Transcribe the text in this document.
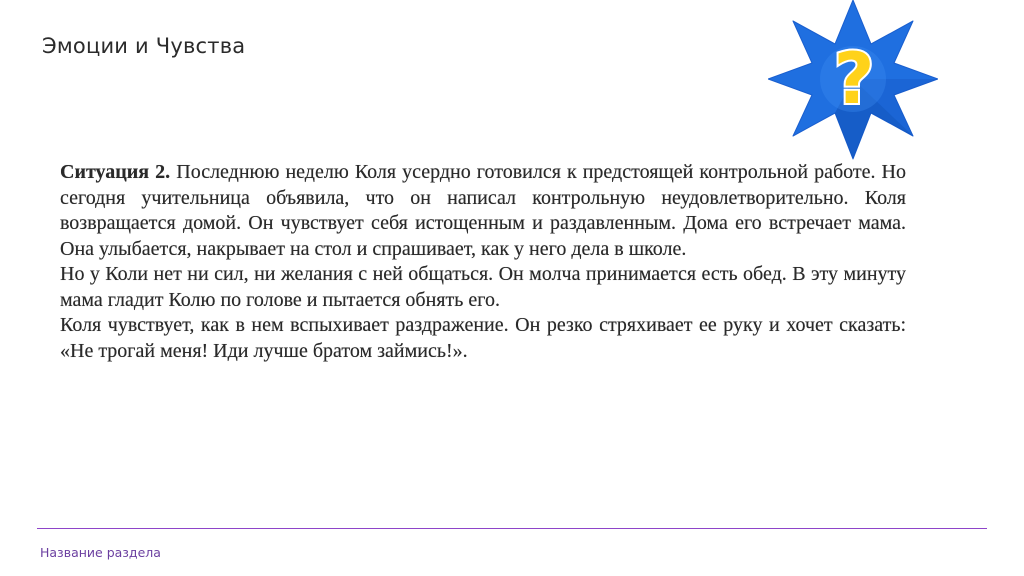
Эмоции и Чувства	?

Ситуация 2. Последнюю неделю Коля усердно готовился к предстоящей контрольной работе. Но сегодня учительница объявила, что он написал контрольную неудовлетворительно. Коля возвращается домой. Он чувствует себя истощенным и раздавленным. Дома его встречает мама. Она улыбается, накрывает на стол и спрашивает, как у него дела в школе.

Но у Коли нет ни сил, ни желания с ней общаться. Он молча принимается есть обед. В эту минуту мама гладит Колю по голове и пытается обнять его.

Коля чувствует, как в нем вспыхивает раздражение. Он резко стряхивает ее руку и хочет сказать: «Не трогай меня! Иди лучше братом займись!».

Название раздела
